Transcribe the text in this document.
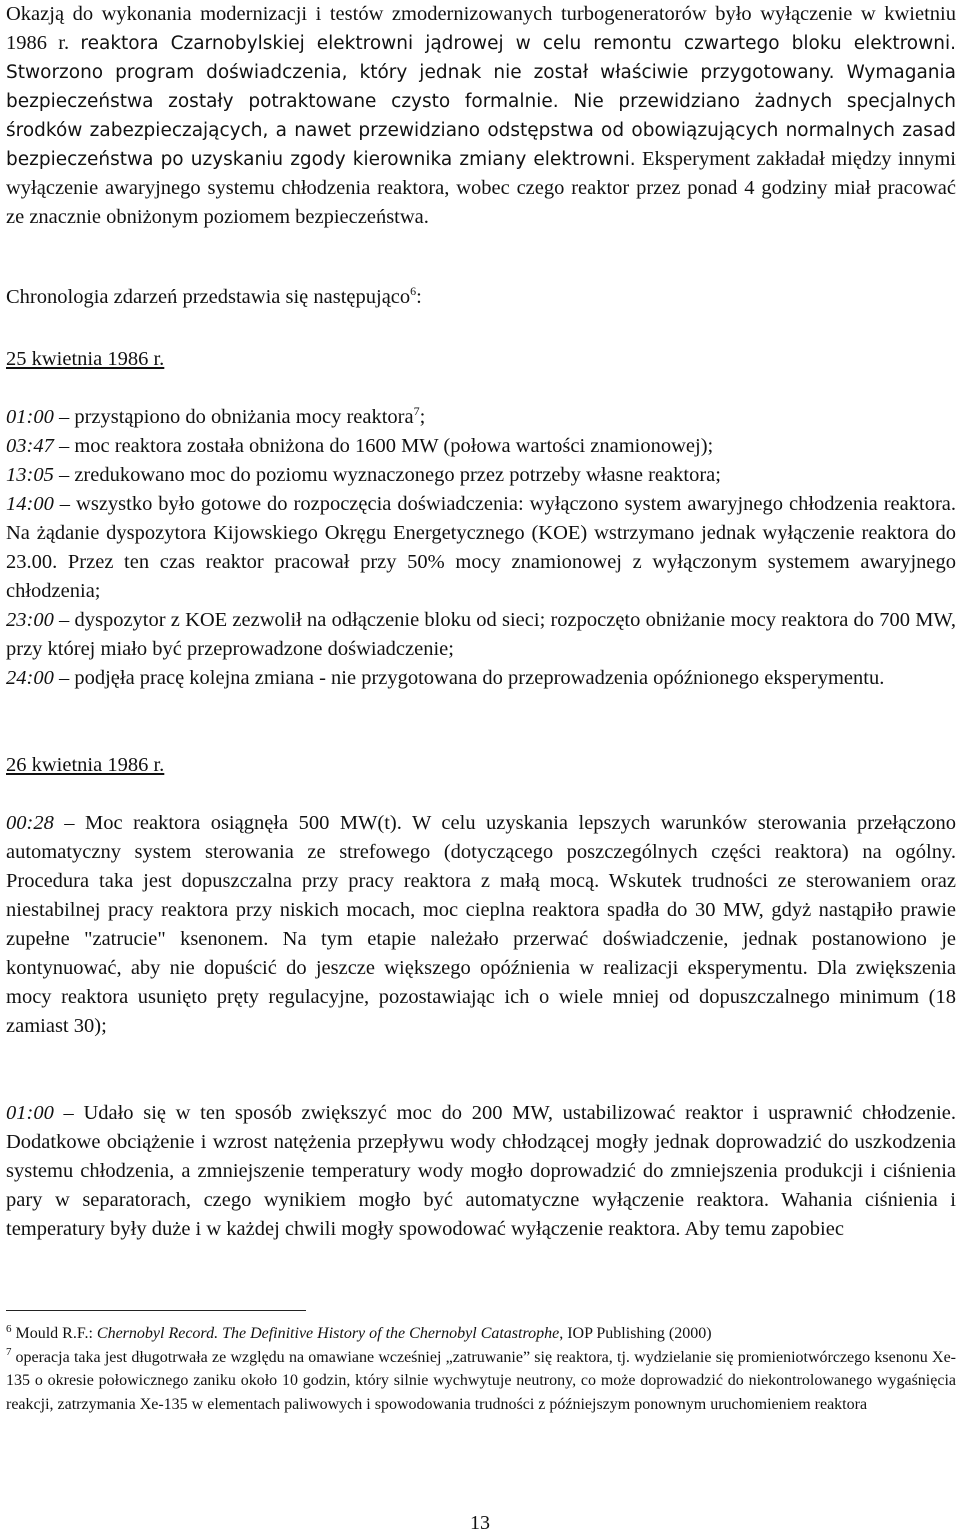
Okazją do wykonania modernizacji i testów zmodernizowanych turbogeneratorów było wyłączenie w kwietniu 1986 r. reaktora Czarnobylskiej elektrowni jądrowej w celu remontu czwartego bloku elektrowni. Stworzono program doświadczenia, który jednak nie został właściwie przygotowany. Wymagania bezpieczeństwa zostały potraktowane czysto formalnie. Nie przewidziano żadnych specjalnych środków zabezpieczających, a nawet przewidziano odstępstwa od obowiązujących normalnych zasad bezpieczeństwa po uzyskaniu zgody kierownika zmiany elektrowni. Eksperyment zakładał między innymi wyłączenie awaryjnego systemu chłodzenia reaktora, wobec czego reaktor przez ponad 4 godziny miał pracować ze znacznie obniżonym poziomem bezpieczeństwa.

Chronologia zdarzeń przedstawia się następująco$^6$:

25 kwietnia 1986 r.

01:00 – przystąpiono do obniżania mocy reaktora$^7$;

03:47 – moc reaktora została obniżona do 1600 MW (połowa wartości znamionowej);

13:05 – zredukowano moc do poziomu wyznaczonego przez potrzeby własne reaktora;

14:00 – wszystko było gotowe do rozpoczęcia doświadczenia: wyłączono system awaryjnego chłodzenia reaktora. Na żądanie dyspozytora Kijowskiego Okręgu Energetycznego (KOE) wstrzymano jednak wyłączenie reaktora do 23.00. Przez ten czas reaktor pracował przy 50% mocy znamionowej z wyłączonym systemem awaryjnego chłodzenia;

23:00 – dyspozytor z KOE zezwolił na odłączenie bloku od sieci; rozpoczęto obniżanie mocy reaktora do 700 MW, przy której miało być przeprowadzone doświadczenie;

24:00 – podjęła pracę kolejna zmiana - nie przygotowana do przeprowadzenia opóźnionego eksperymentu.

26 kwietnia 1986 r.

00:28 – Moc reaktora osiągnęła 500 MW(t). W celu uzyskania lepszych warunków sterowania przełączono automatyczny system sterowania ze strefowego (dotyczącego poszczególnych części reaktora) na ogólny. Procedura taka jest dopuszczalna przy pracy reaktora z małą mocą. Wskutek trudności ze sterowaniem oraz niestabilnej pracy reaktora przy niskich mocach, moc cieplna reaktora spadła do 30 MW, gdyż nastąpiło prawie zupełne "zatrucie" ksenonem. Na tym etapie należało przerwać doświadczenie, jednak postanowiono je kontynuować, aby nie dopuścić do jeszcze większego opóźnienia w realizacji eksperymentu. Dla zwiększenia mocy reaktora usunięto pręty regulacyjne, pozostawiając ich o wiele mniej od dopuszczalnego minimum (18 zamiast 30);

01:00 – Udało się w ten sposób zwiększyć moc do 200 MW, ustabilizować reaktor i usprawnić chłodzenie. Dodatkowe obciążenie i wzrost natężenia przepływu wody chłodzącej mogły jednak doprowadzić do uszkodzenia systemu chłodzenia, a zmniejszenie temperatury wody mogło doprowadzić do zmniejszenia produkcji i ciśnienia pary w separatorach, czego wynikiem mogło być automatyczne wyłączenie reaktora. Wahania ciśnienia i temperatury były duże i w każdej chwili mogły spowodować wyłączenie reaktora. Aby temu zapobiec

$^6$ Mould R.F.: Chernobyl Record. The Definitive History of the Chernobyl Catastrophe, IOP Publishing (2000)

$^7$ operacja taka jest długotrwała ze względu na omawiane wcześniej „zatruwanie” się reaktora, tj. wydzielanie się promieniotwórczego ksenonu Xe-135 o okresie połowicznego zaniku około 10 godzin, który silnie wychwytuje neutrony, co może doprowadzić do niekontrolowanego wygaśnięcia reakcji, zatrzymania Xe-135 w elementach paliwowych i spowodowania trudności z późniejszym ponownym uruchomieniem reaktora

13
